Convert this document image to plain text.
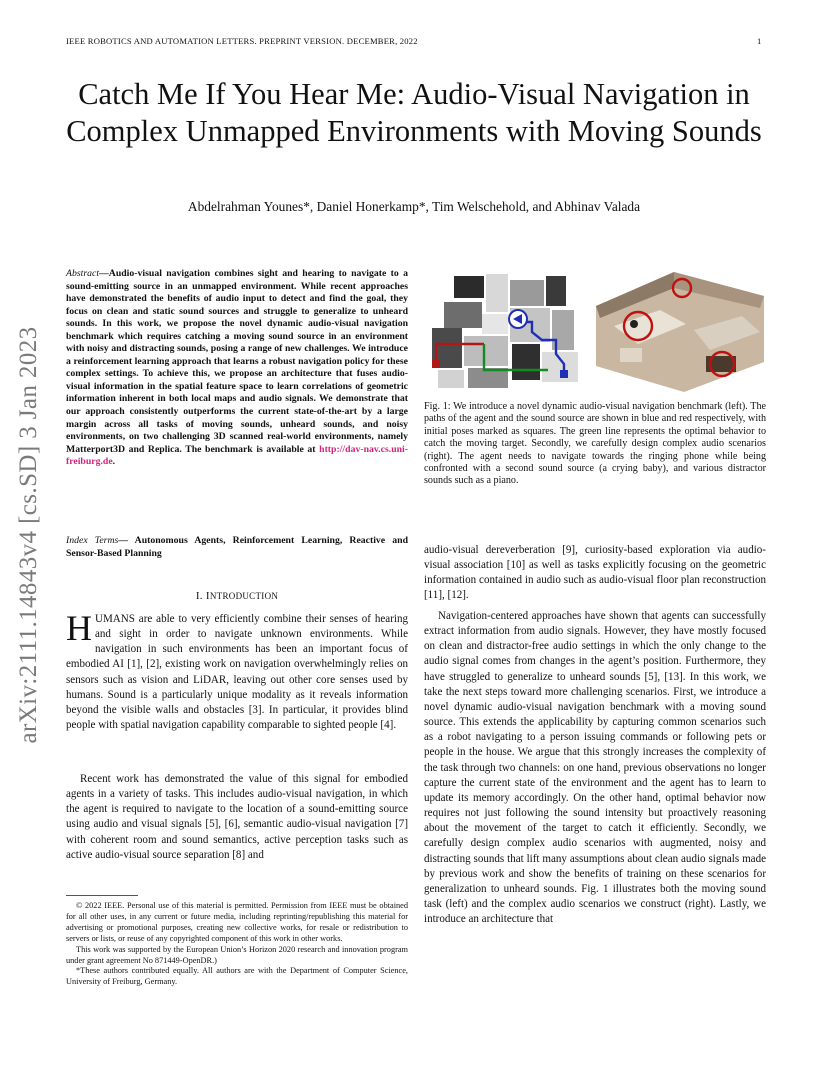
IEEE ROBOTICS AND AUTOMATION LETTERS. PREPRINT VERSION. DECEMBER, 2022	1
Catch Me If You Hear Me: Audio-Visual Navigation in Complex Unmapped Environments with Moving Sounds
Abdelrahman Younes*, Daniel Honerkamp*, Tim Welschehold, and Abhinav Valada
arXiv:2111.14843v4 [cs.SD] 3 Jan 2023
Abstract—Audio-visual navigation combines sight and hearing to navigate to a sound-emitting source in an unmapped environment. While recent approaches have demonstrated the benefits of audio input to detect and find the goal, they focus on clean and static sound sources and struggle to generalize to unheard sounds. In this work, we propose the novel dynamic audio-visual navigation benchmark which requires catching a moving sound source in an environment with noisy and distracting sounds, posing a range of new challenges. We introduce a reinforcement learning approach that learns a robust navigation policy for these complex settings. To achieve this, we propose an architecture that fuses audio-visual information in the spatial feature space to learn correlations of geometric information inherent in both local maps and audio signals. We demonstrate that our approach consistently outperforms the current state-of-the-art by a large margin across all tasks of moving sounds, unheard sounds, and noisy environments, on two challenging 3D scanned real-world environments, namely Matterport3D and Replica. The benchmark is available at http://dav-nav.cs.uni-freiburg.de.
Index Terms— Autonomous Agents, Reinforcement Learning, Reactive and Sensor-Based Planning
I. INTRODUCTION
HUMANS are able to very efficiently combine their senses of hearing and sight in order to navigate unknown environments. While navigation in such environments has been an important focus of embodied AI [1], [2], existing work on navigation overwhelmingly relies on sensors such as vision and LiDAR, leaving out other core senses used by humans. Sound is a particularly unique modality as it reveals information beyond the visible walls and obstacles [3]. In particular, it provides blind people with spatial navigation capability comparable to sighted people [4].
Recent work has demonstrated the value of this signal for embodied agents in a variety of tasks. This includes audio-visual navigation, in which the agent is required to navigate to the location of a sound-emitting source using audio and visual signals [5], [6], semantic audio-visual navigation [7] with coherent room and sound semantics, active perception tasks such as active audio-visual source separation [8] and

© 2022 IEEE. Personal use of this material is permitted. Permission from IEEE must be obtained for all other uses, in any current or future media, including reprinting/republishing this material for advertising or promotional purposes, creating new collective works, for resale or redistribution to servers or lists, or reuse of any copyrighted component of this work in other works.

This work was supported by the European Union’s Horizon 2020 research and innovation program under grant agreement No 871449-OpenDR.)

*These authors contributed equally. All authors are with the Department of Computer Science, University of Freiburg, Germany.

Fig. 1: We introduce a novel dynamic audio-visual navigation benchmark (left). The paths of the agent and the sound source are shown in blue and red respectively, with initial poses marked as squares. The green line represents the optimal behavior to catch the moving target. Secondly, we carefully design complex audio scenarios (right). The agent needs to navigate towards the ringing phone while being confronted with a second sound source (a crying baby), and various distractor sounds such as a piano.
audio-visual dereverberation [9], curiosity-based exploration via audio-visual association [10] as well as tasks explicitly focusing on the geometric information contained in audio such as audio-visual floor plan reconstruction [11], [12].
Navigation-centered approaches have shown that agents can successfully extract information from audio signals. However, they have mostly focused on clean and distractor-free audio settings in which the only change to the audio signal comes from changes in the agent’s position. Furthermore, they have struggled to generalize to unheard sounds [5], [13]. In this work, we take the next steps toward more challenging scenarios. First, we introduce a novel dynamic audio-visual navigation benchmark with a moving sound source. This extends the applicability by capturing common scenarios such as a robot navigating to a person issuing commands or following pets or people in the house. We argue that this strongly increases the complexity of the task through two channels: on one hand, previous observations no longer capture the current state of the environment and the agent has to learn to update its memory accordingly. On the other hand, optimal behavior now requires not just following the sound intensity but proactively reasoning about the movement of the target to catch it efficiently. Secondly, we carefully design complex audio scenarios with augmented, noisy and distracting sounds that lift many assumptions about clean audio signals made by previous work and show the benefits of training on these scenarios for generalization to unheard sounds. Fig. 1 illustrates both the moving sound task (left) and the complex audio scenarios we construct (right). Lastly, we introduce an architecture that
